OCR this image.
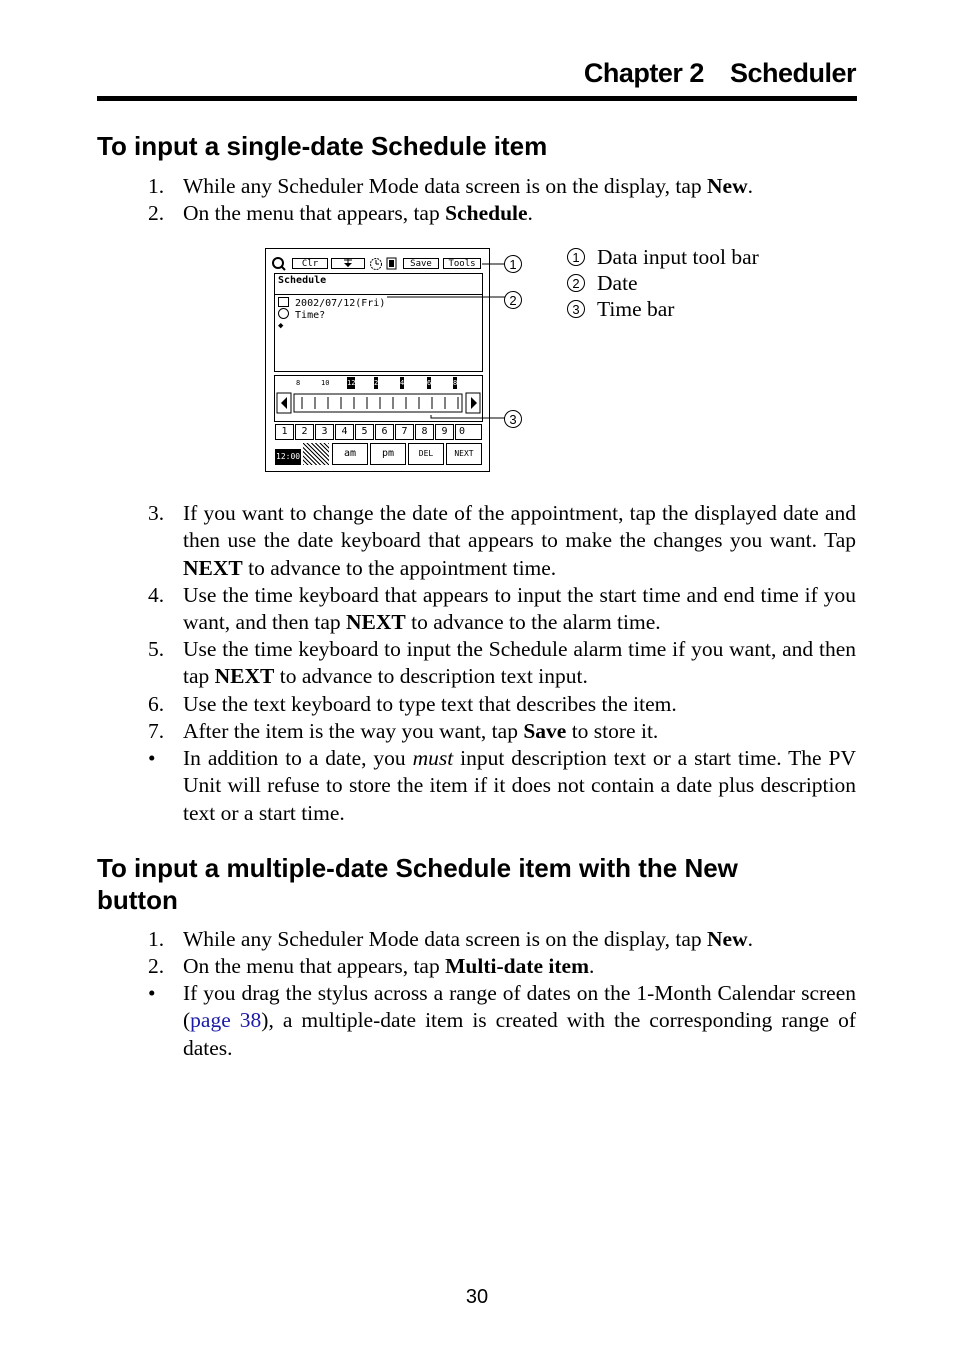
Chapter 2 Scheduler
To input a single-date Schedule item
1. While any Scheduler Mode data screen is on the display, tap New.
2. On the menu that appears, tap Schedule.
Clr	Save	Tools
Schedule
2002/07/12(Fri)
Time?
◆
8	10	12	2	4	6	8
1	2	3	4	5	6	7	8	9	0
12:00	am	pm	DEL	NEXT
1
2
3
1 Data input tool bar
2 Date
3 Time bar
3. If you want to change the date of the appointment, tap the displayed date and then use the date keyboard that appears to make the changes you want. Tap NEXT to advance to the appointment time.
4. Use the time keyboard that appears to input the start time and end time if you want, and then tap NEXT to advance to the alarm time.
5. Use the time keyboard to input the Schedule alarm time if you want, and then tap NEXT to advance to description text input.
6. Use the text keyboard to type text that describes the item.
7. After the item is the way you want, tap Save to store it.
• In addition to a date, you must input description text or a start time. The PV Unit will refuse to store the item if it does not contain a date plus description text or a start time.
To input a multiple-date Schedule item with the New button
1. While any Scheduler Mode data screen is on the display, tap New.
2. On the menu that appears, tap Multi-date item.
• If you drag the stylus across a range of dates on the 1-Month Calendar screen (page 38), a multiple-date item is created with the corresponding range of dates.
30
